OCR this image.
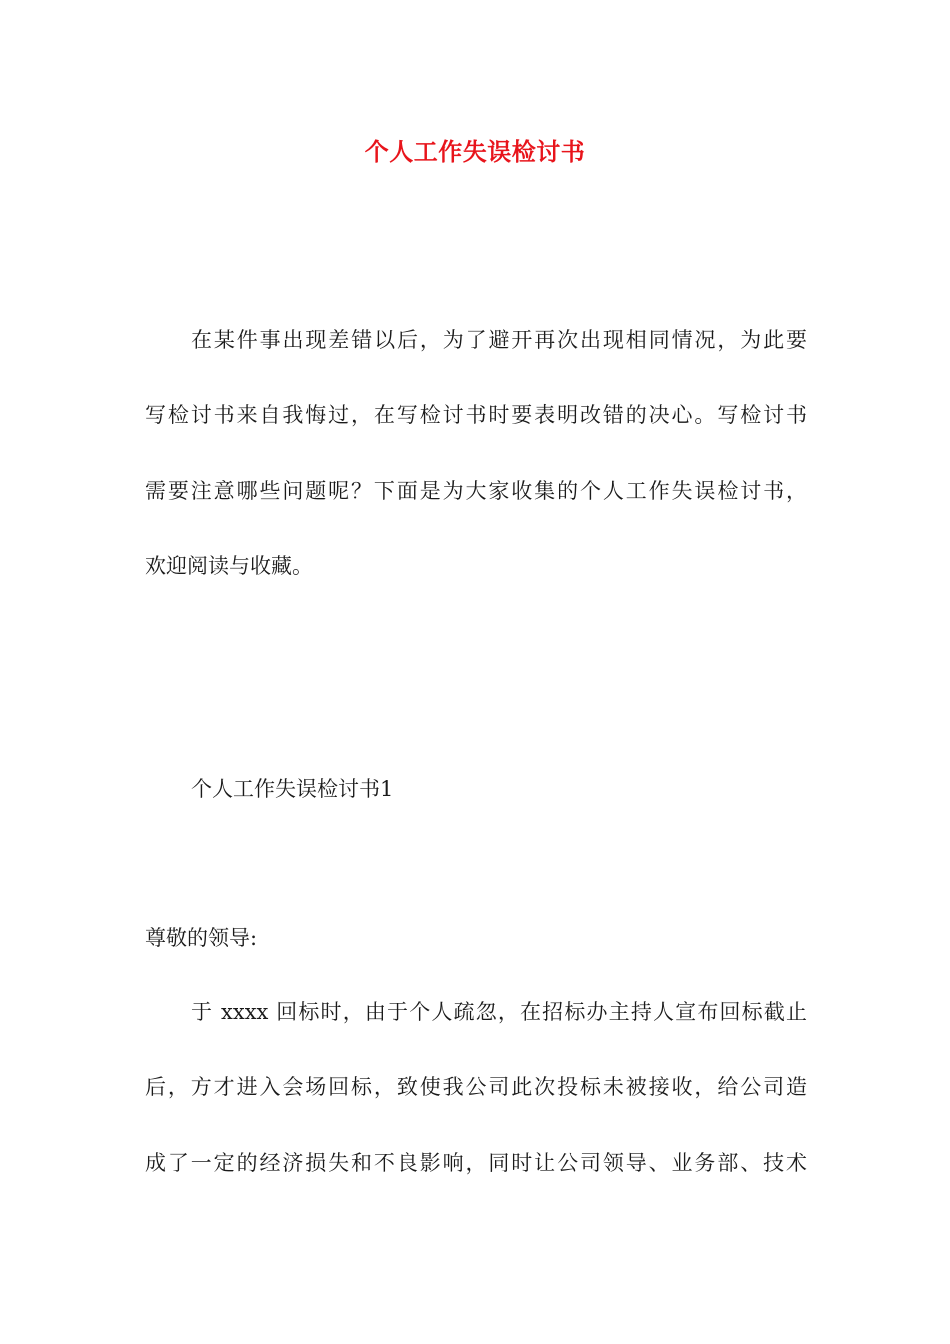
个人工作失误检讨书
在某件事出现差错以后，为了避开再次出现相同情况，为此要
写检讨书来自我悔过，在写检讨书时要表明改错的决心。写检讨书
需要注意哪些问题呢？下面是为大家收集的个人工作失误检讨书，
欢迎阅读与收藏。
个人工作失误检讨书1
尊敬的领导:
于 xxxx 回标时，由于个人疏忽，在招标办主持人宣布回标截止
后，方才进入会场回标，致使我公司此次投标未被接收，给公司造
成了一定的经济损失和不良影响，同时让公司领导、业务部、技术
